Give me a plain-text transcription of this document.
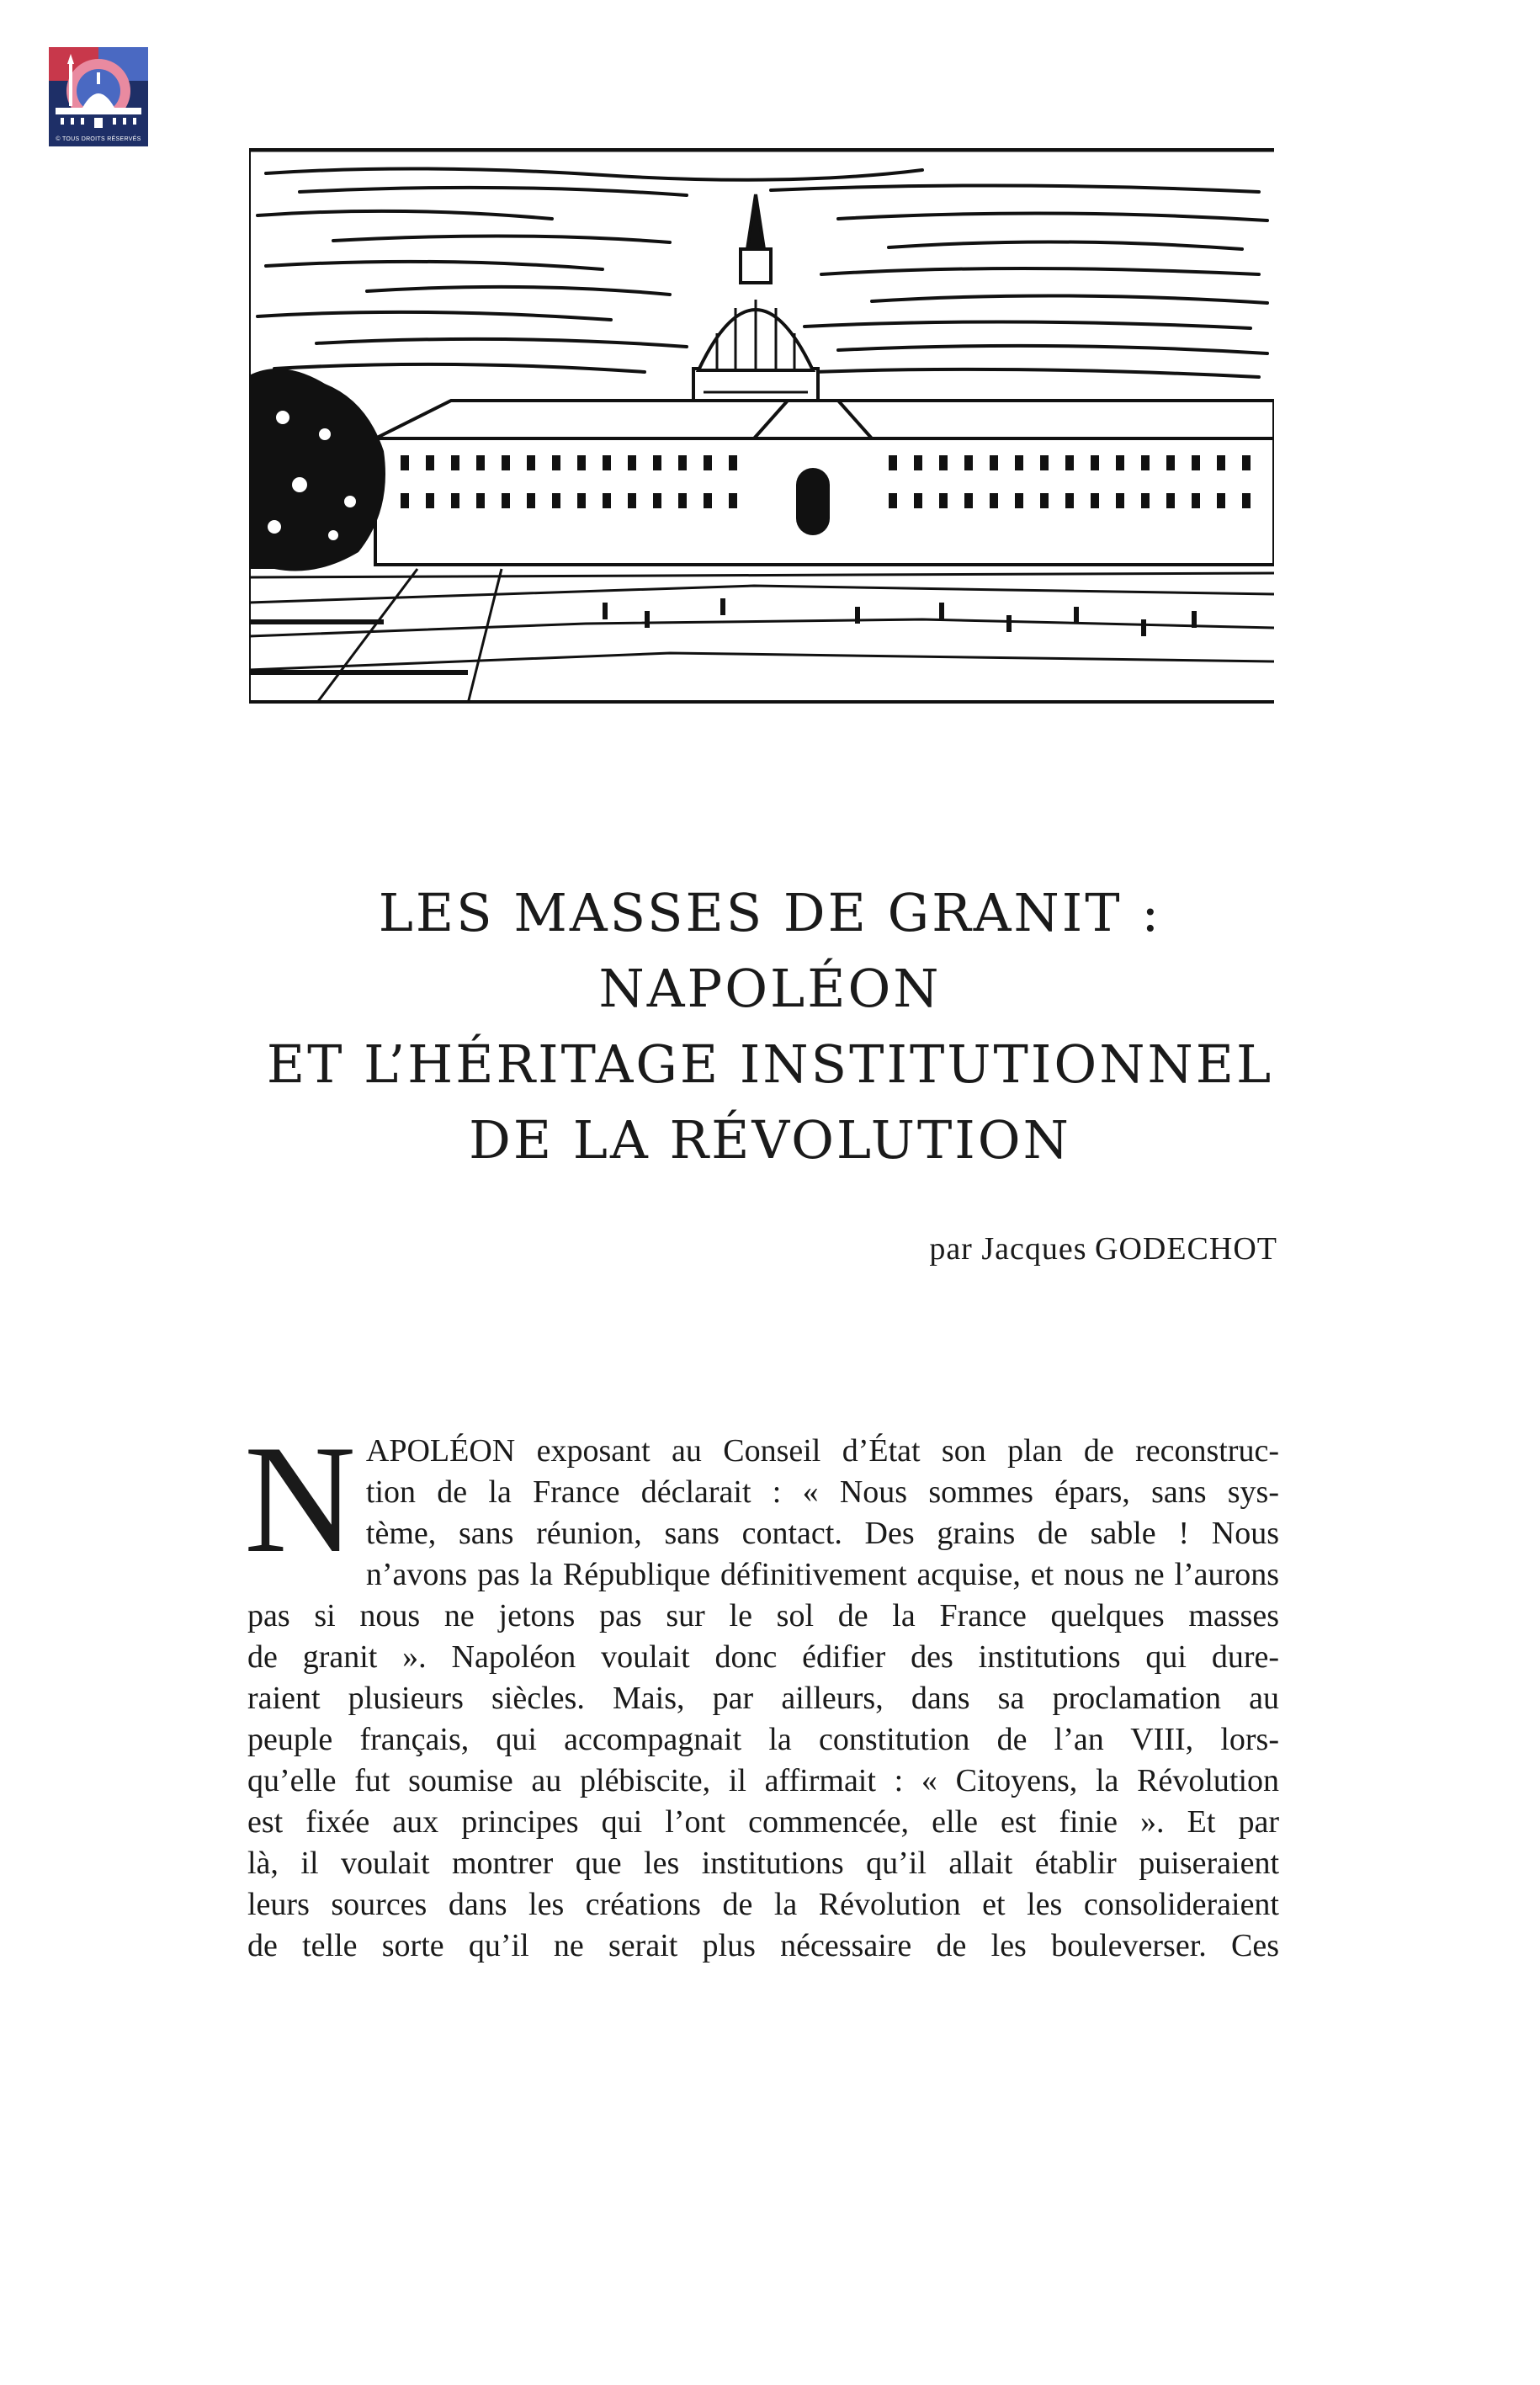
© TOUS DROITS RÉSERVÉS
LES MASSES DE GRANIT :
NAPOLÉON
ET L’HÉRITAGE INSTITUTIONNEL
DE LA RÉVOLUTION
par Jacques GODECHOT
N APOLÉON exposant au Conseil d’État son plan de reconstruc-
tion de la France déclarait : « Nous sommes épars, sans sys-
tème, sans réunion, sans contact. Des grains de sable ! Nous
n’avons pas la République définitivement acquise, et nous ne l’aurons
pas si nous ne jetons pas sur le sol de la France quelques masses
de granit ». Napoléon voulait donc édifier des institutions qui dure-
raient plusieurs siècles. Mais, par ailleurs, dans sa proclamation au
peuple français, qui accompagnait la constitution de l’an VIII, lors-
qu’elle fut soumise au plébiscite, il affirmait : « Citoyens, la Révolution
est fixée aux principes qui l’ont commencée, elle est finie ». Et par
là, il voulait montrer que les institutions qu’il allait établir puiseraient
leurs sources dans les créations de la Révolution et les consolideraient
de telle sorte qu’il ne serait plus nécessaire de les bouleverser. Ces
